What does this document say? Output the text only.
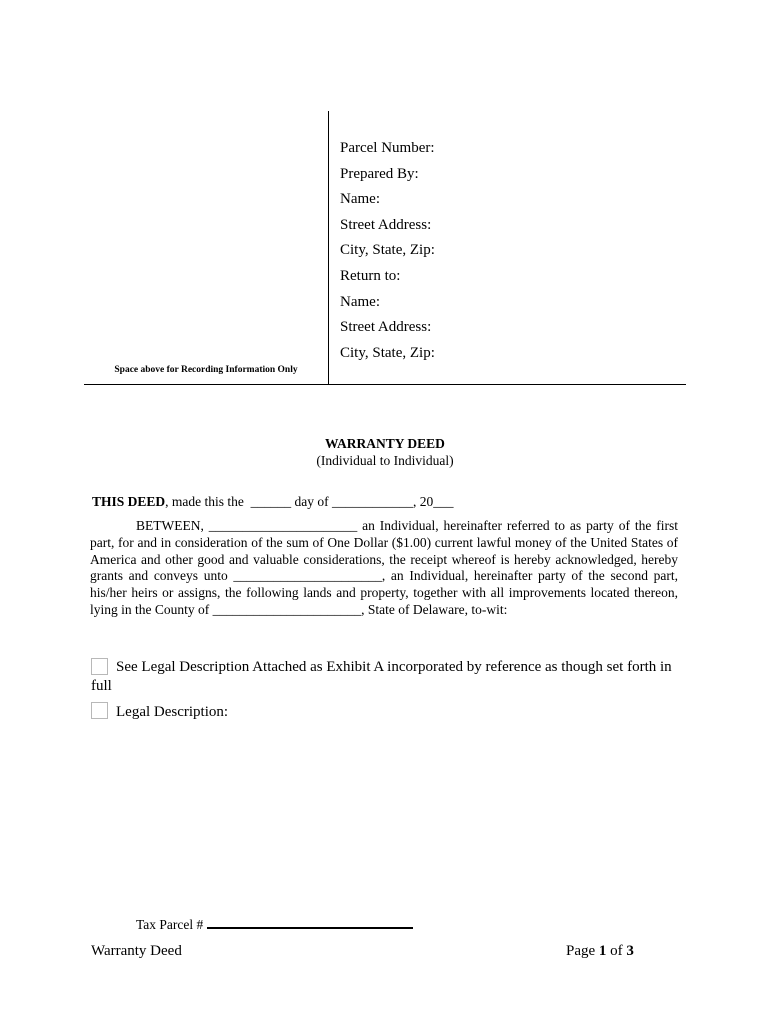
Parcel Number:
Prepared By:
Name:
Street Address:
City, State, Zip:
Return to:
Name:
Street Address:
City, State, Zip:
Space above for Recording Information Only
WARRANTY DEED
(Individual to Individual)
THIS DEED, made this the  ______ day of ____________, 20___

BETWEEN, ______________________ an Individual, hereinafter referred to as party of the first part, for and in consideration of the sum of One Dollar ($1.00) current lawful money of the United States of America and other good and valuable considerations, the receipt whereof is hereby acknowledged, hereby grants and conveys unto ______________________, an Individual, hereinafter party of the second part, his/her heirs or assigns, the following lands and property, together with all improvements located thereon, lying in the County of ______________________, State of Delaware, to-wit:

See Legal Description Attached as Exhibit A incorporated by reference as though set forth in
full
Legal Description:
Tax Parcel #
Warranty Deed	Page 1 of 3
